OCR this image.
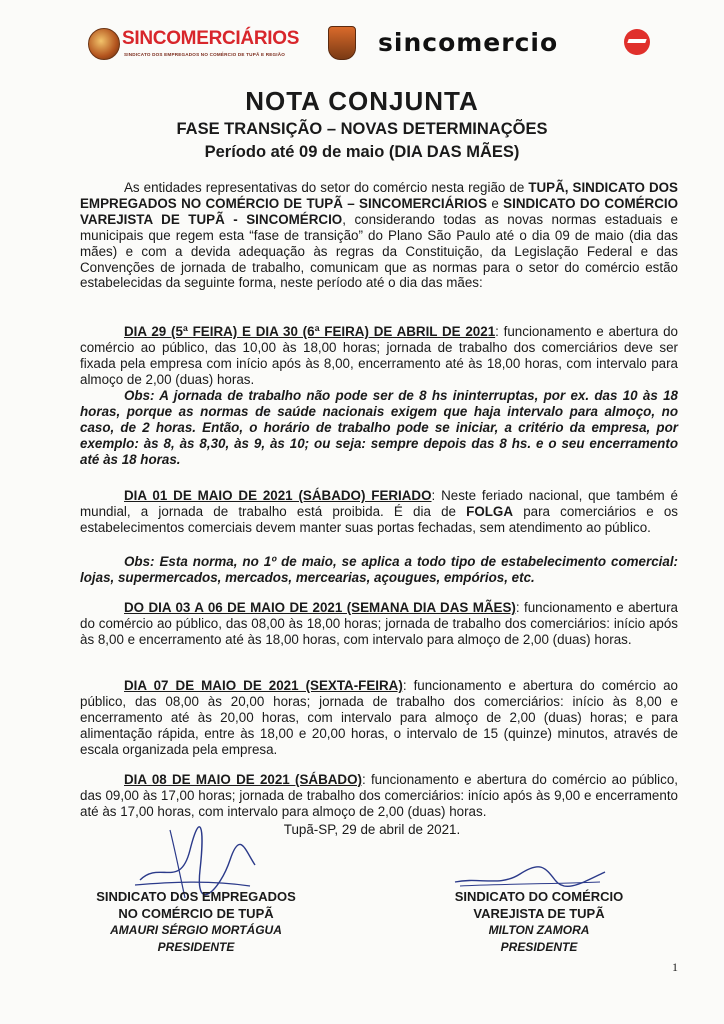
SINCOMERCIÁRIOS
SINDICATO DOS EMPREGADOS NO COMÉRCIO DE TUPÃ E REGIÃO	sincomercio
NOTA CONJUNTA
FASE TRANSIÇÃO – NOVAS DETERMINAÇÕES
Período até 09 de maio (DIA DAS MÃES)
As entidades representativas do setor do comércio nesta região de TUPÃ, SINDICATO DOS EMPREGADOS NO COMÉRCIO DE TUPÃ – SINCOMERCIÁRIOS e SINDICATO DO COMÉRCIO VAREJISTA DE TUPÃ - SINCOMÉRCIO, considerando todas as novas normas estaduais e municipais que regem esta “fase de transição” do Plano São Paulo até o dia 09 de maio (dia das mães) e com a devida adequação às regras da Constituição, da Legislação Federal e das Convenções de jornada de trabalho, comunicam que as normas para o setor do comércio estão estabelecidas da seguinte forma, neste período até o dia das mães:
DIA 29 (5ª FEIRA) E DIA 30 (6ª FEIRA) DE ABRIL DE 2021: funcionamento e abertura do comércio ao público, das 10,00 às 18,00 horas; jornada de trabalho dos comerciários deve ser fixada pela empresa com início após às 8,00, encerramento até às 18,00 horas, com intervalo para almoço de 2,00 (duas) horas.
Obs: A jornada de trabalho não pode ser de 8 hs ininterruptas, por ex. das 10 às 18 horas, porque as normas de saúde nacionais exigem que haja intervalo para almoço, no caso, de 2 horas. Então, o horário de trabalho pode se iniciar, a critério da empresa, por exemplo: às 8, às 8,30, às 9, às 10; ou seja: sempre depois das 8 hs. e o seu encerramento até às 18 horas.
DIA 01 DE MAIO DE 2021 (SÁBADO) FERIADO: Neste feriado nacional, que também é mundial, a jornada de trabalho está proibida. É dia de FOLGA para comerciários e os estabelecimentos comerciais devem manter suas portas fechadas, sem atendimento ao público.
Obs: Esta norma, no 1º de maio, se aplica a todo tipo de estabelecimento comercial: lojas, supermercados, mercados, mercearias, açougues, empórios, etc.
DO DIA 03 A 06 DE MAIO DE 2021 (SEMANA DIA DAS MÃES): funcionamento e abertura do comércio ao público, das 08,00 às 18,00 horas; jornada de trabalho dos comerciários: início após às 8,00 e encerramento até às 18,00 horas, com intervalo para almoço de 2,00 (duas) horas.
DIA 07 DE MAIO DE 2021 (SEXTA-FEIRA): funcionamento e abertura do comércio ao público, das 08,00 às 20,00 horas; jornada de trabalho dos comerciários: início às 8,00 e encerramento até às 20,00 horas, com intervalo para almoço de 2,00 (duas) horas; e para alimentação rápida, entre às 18,00 e 20,00 horas, o intervalo de 15 (quinze) minutos, através de escala organizada pela empresa.
DIA 08 DE MAIO DE 2021 (SÁBADO): funcionamento e abertura do comércio ao público, das 09,00 às 17,00 horas; jornada de trabalho dos comerciários: início após às 9,00 e encerramento até às 17,00 horas, com intervalo para almoço de 2,00 (duas) horas.
Tupã-SP, 29 de abril de 2021.
SINDICATO DOS EMPREGADOS
NO COMÉRCIO DE TUPÃ
AMAURI SÉRGIO MORTÁGUA
PRESIDENTE
SINDICATO DO COMÉRCIO
VAREJISTA DE TUPÃ
MILTON ZAMORA
PRESIDENTE
1
